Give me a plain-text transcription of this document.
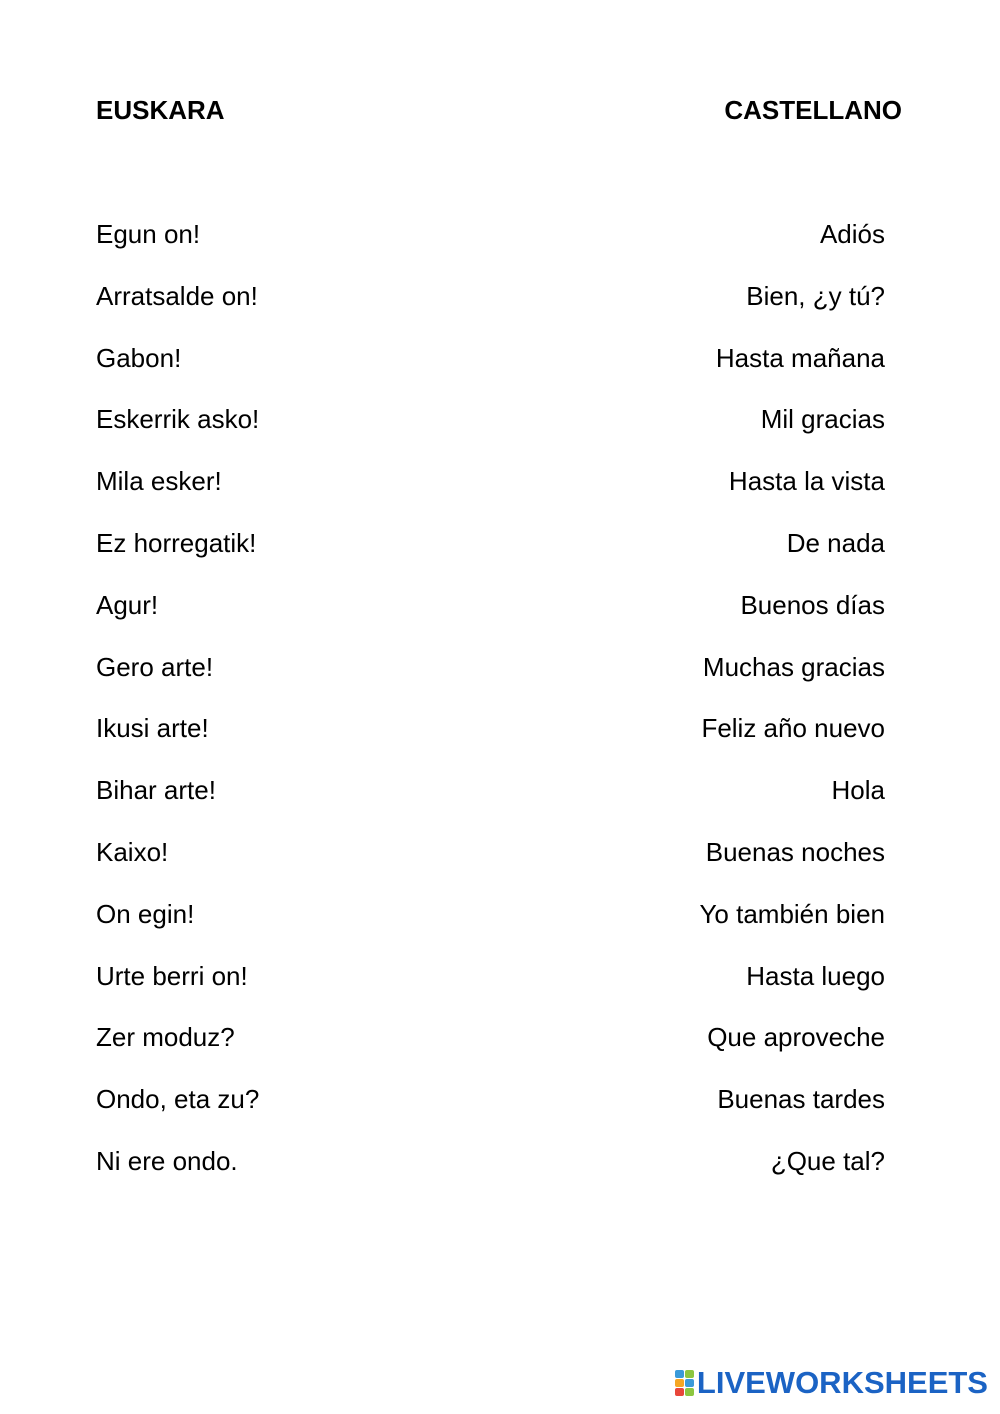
EUSKARA	CASTELLANO
Egun on!
Arratsalde on!
Gabon!
Eskerrik asko!
Mila esker!
Ez horregatik!
Agur!
Gero arte!
Ikusi arte!
Bihar arte!
Kaixo!
On egin!
Urte berri on!
Zer moduz?
Ondo, eta zu?
Ni ere ondo.
Adiós
Bien, ¿y tú?
Hasta mañana
Mil gracias
Hasta la vista
De nada
Buenos días
Muchas gracias
Feliz año nuevo
Hola
Buenas noches
Yo también bien
Hasta luego
Que aproveche
Buenas tardes
¿Que tal?
LIVEWORKSHEETS
